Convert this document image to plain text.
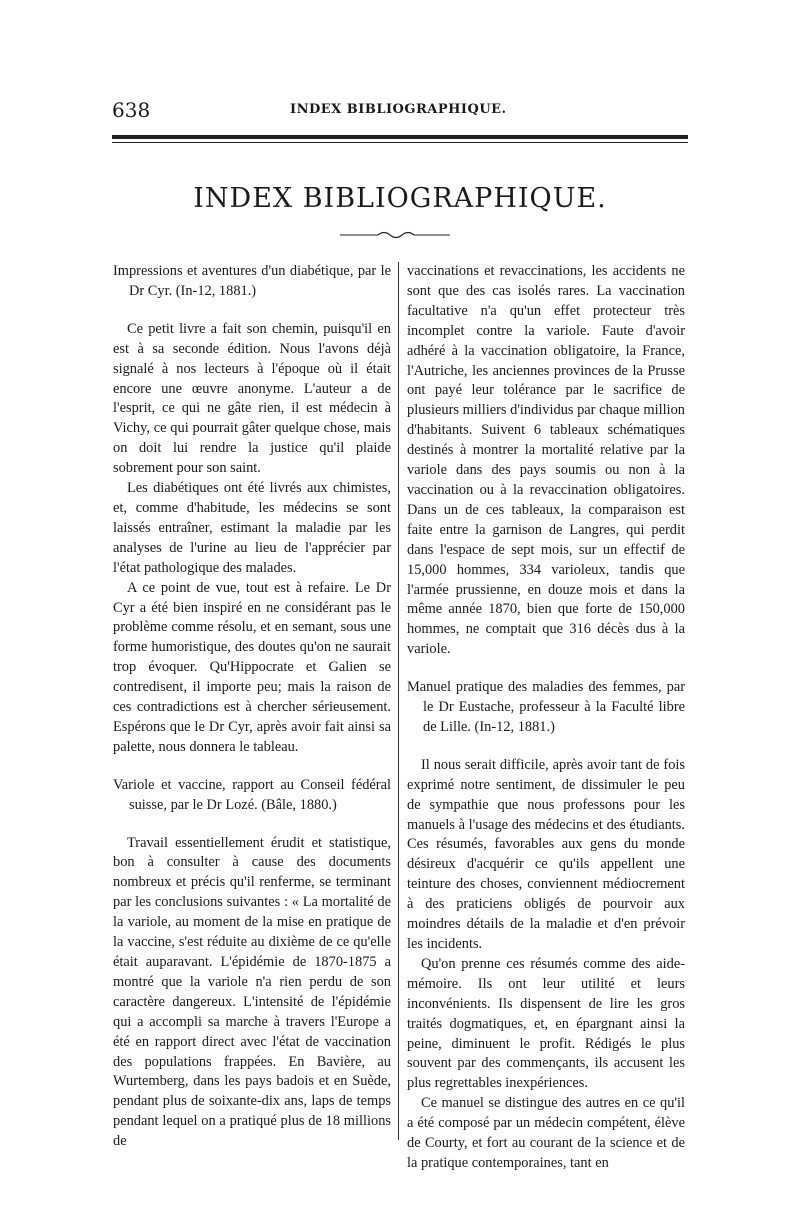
638	INDEX BIBLIOGRAPHIQUE.
INDEX BIBLIOGRAPHIQUE.

Impressions et aventures d'un diabétique, par le Dr Cyr. (In-12, 1881.)

Ce petit livre a fait son chemin, puisqu'il en est à sa seconde édition. Nous l'avons déjà signalé à nos lecteurs à l'époque où il était encore une œuvre anonyme. L'auteur a de l'esprit, ce qui ne gâte rien, il est médecin à Vichy, ce qui pourrait gâter quelque chose, mais on doit lui rendre la justice qu'il plaide sobrement pour son saint.

Les diabétiques ont été livrés aux chimistes, et, comme d'habitude, les médecins se sont laissés entraîner, estimant la maladie par les analyses de l'urine au lieu de l'apprécier par l'état pathologique des malades.

A ce point de vue, tout est à refaire. Le Dr Cyr a été bien inspiré en ne considérant pas le problème comme résolu, et en semant, sous une forme humoristique, des doutes qu'on ne saurait trop évoquer. Qu'Hippocrate et Galien se contredisent, il importe peu; mais la raison de ces contradictions est à chercher sérieusement. Espérons que le Dr Cyr, après avoir fait ainsi sa palette, nous donnera le tableau.

Variole et vaccine, rapport au Conseil fédéral suisse, par le Dr Lozé. (Bâle, 1880.)

Travail essentiellement érudit et statistique, bon à consulter à cause des documents nombreux et précis qu'il renferme, se terminant par les conclusions suivantes : « La mortalité de la variole, au moment de la mise en pratique de la vaccine, s'est réduite au dixième de ce qu'elle était auparavant. L'épidémie de 1870-1875 a montré que la variole n'a rien perdu de son caractère dangereux. L'intensité de l'épidémie qui a accompli sa marche à travers l'Europe a été en rapport direct avec l'état de vaccination des populations frappées. En Bavière, au Wurtemberg, dans les pays badois et en Suède, pendant plus de soixante-dix ans, laps de temps pendant lequel on a pratiqué plus de 18 millions de

vaccinations et revaccinations, les accidents ne sont que des cas isolés rares. La vaccination facultative n'a qu'un effet protecteur très incomplet contre la variole. Faute d'avoir adhéré à la vaccination obligatoire, la France, l'Autriche, les anciennes provinces de la Prusse ont payé leur tolérance par le sacrifice de plusieurs milliers d'individus par chaque million d'habitants. Suivent 6 tableaux schématiques destinés à montrer la mortalité relative par la variole dans des pays soumis ou non à la vaccination ou à la revaccination obligatoires. Dans un de ces tableaux, la comparaison est faite entre la garnison de Langres, qui perdit dans l'espace de sept mois, sur un effectif de 15,000 hommes, 334 varioleux, tandis que l'armée prussienne, en douze mois et dans la même année 1870, bien que forte de 150,000 hommes, ne comptait que 316 décès dus à la variole.

Manuel pratique des maladies des femmes, par le Dr Eustache, professeur à la Faculté libre de Lille. (In-12, 1881.)

Il nous serait difficile, après avoir tant de fois exprimé notre sentiment, de dissimuler le peu de sympathie que nous professons pour les manuels à l'usage des médecins et des étudiants. Ces résumés, favorables aux gens du monde désireux d'acquérir ce qu'ils appellent une teinture des choses, conviennent médiocrement à des praticiens obligés de pourvoir aux moindres détails de la maladie et d'en prévoir les incidents.

Qu'on prenne ces résumés comme des aide-mémoire. Ils ont leur utilité et leurs inconvénients. Ils dispensent de lire les gros traités dogmatiques, et, en épargnant ainsi la peine, diminuent le profit. Rédigés le plus souvent par des commençants, ils accusent les plus regrettables inexpériences.

Ce manuel se distingue des autres en ce qu'il a été composé par un médecin compétent, élève de Courty, et fort au courant de la science et de la pratique contemporaines, tant en
